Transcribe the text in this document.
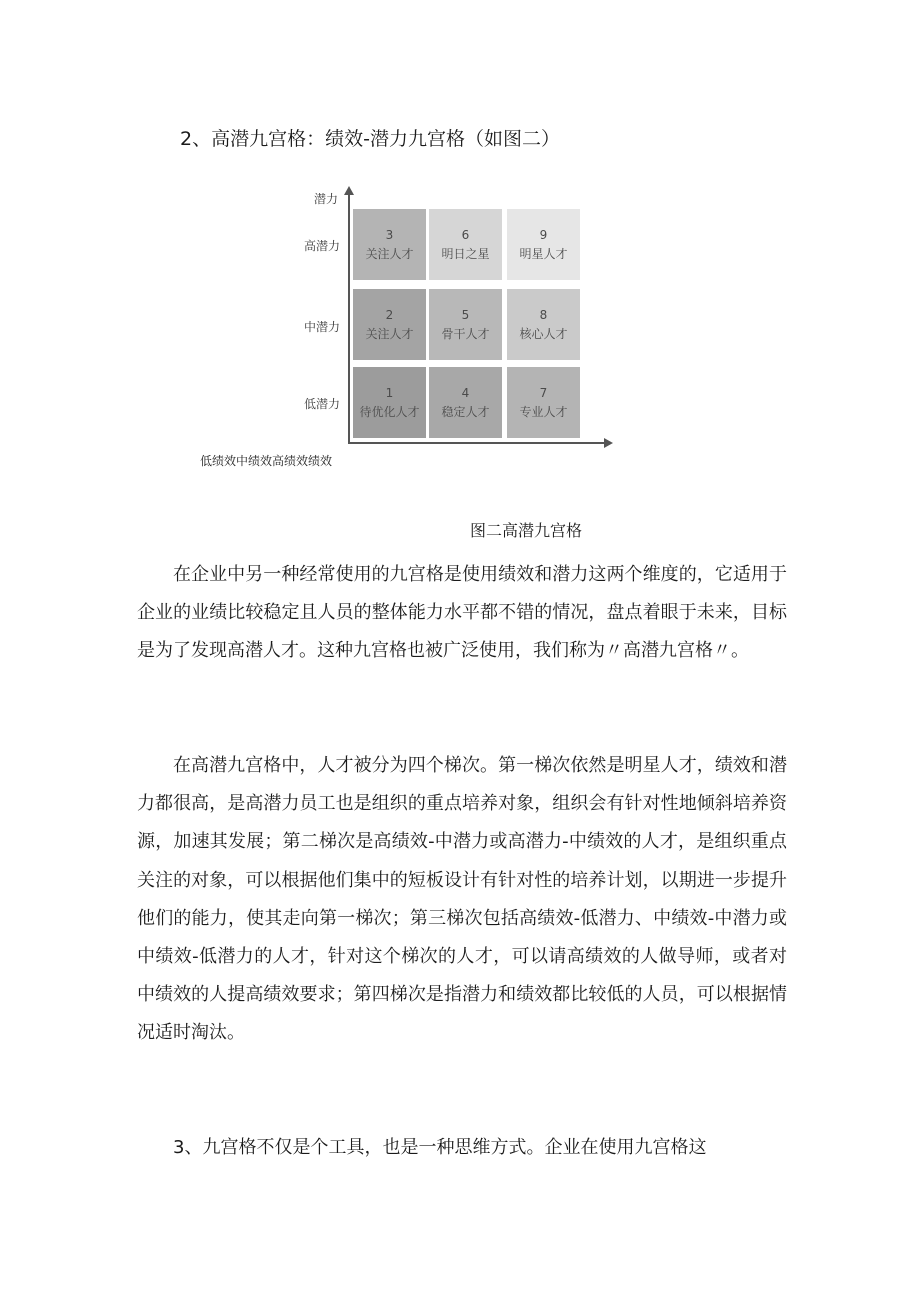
2、高潜九宫格：绩效-潜力九宫格（如图二）
潜力
高潜力
中潜力
低潜力
3
关注人才
6
明日之星
9
明星人才
2
关注人才
5
骨干人才
8
核心人才
1
待优化人才
4
稳定人才
7
专业人才
低绩效中绩效高绩效绩效
图二高潜九宫格

在企业中另一种经常使用的九宫格是使用绩效和潜力这两个维度的，它适用于企业的业绩比较稳定且人员的整体能力水平都不错的情况，盘点着眼于未来，目标是为了发现高潜人才。这种九宫格也被广泛使用，我们称为〃高潜九宫格〃。

在高潜九宫格中，人才被分为四个梯次。第一梯次依然是明星人才，绩效和潜力都很高，是高潜力员工也是组织的重点培养对象，组织会有针对性地倾斜培养资源，加速其发展；第二梯次是高绩效-中潜力或高潜力-中绩效的人才，是组织重点关注的对象，可以根据他们集中的短板设计有针对性的培养计划，以期进一步提升他们的能力，使其走向第一梯次；第三梯次包括高绩效-低潜力、中绩效-中潜力或中绩效-低潜力的人才，针对这个梯次的人才，可以请高绩效的人做导师，或者对中绩效的人提高绩效要求；第四梯次是指潜力和绩效都比较低的人员，可以根据情况适时淘汰。

3、九宫格不仅是个工具，也是一种思维方式。企业在使用九宫格这
